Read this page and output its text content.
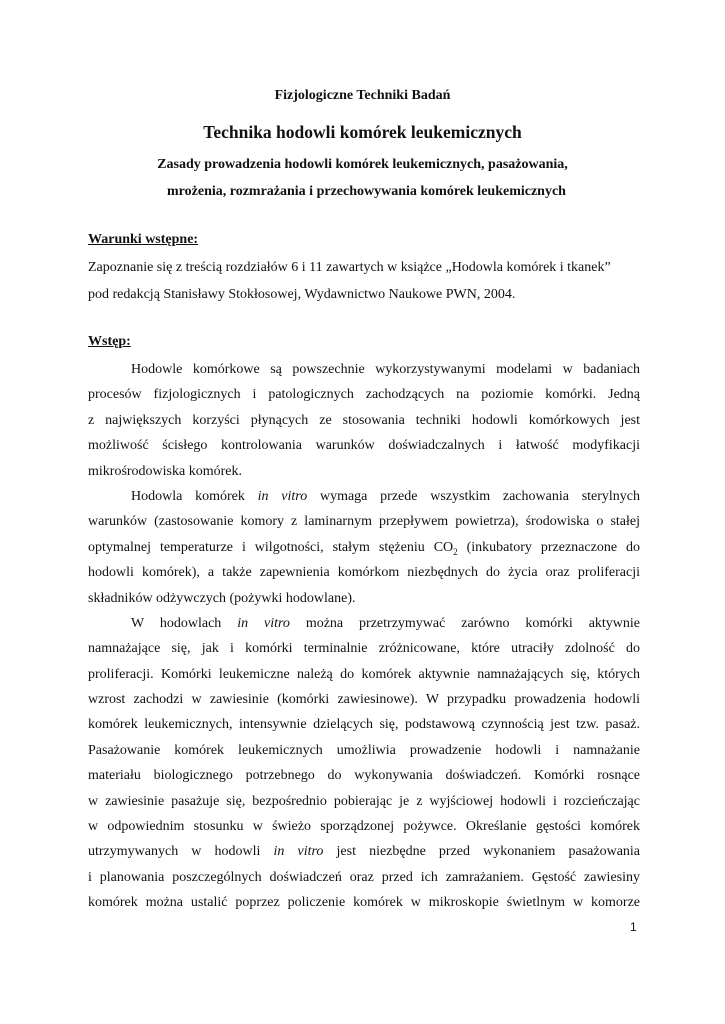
Fizjologiczne Techniki Badań
Technika hodowli komórek leukemicznych
Zasady prowadzenia hodowli komórek leukemicznych, pasażowania,
mrożenia, rozmrażania i przechowywania komórek leukemicznych
Warunki wstępne:
Zapoznanie się z treścią rozdziałów 6 i 11 zawartych w książce „Hodowla komórek i tkanek”
pod redakcją Stanisławy Stokłosowej, Wydawnictwo Naukowe PWN, 2004.
Wstęp:
Hodowle komórkowe są powszechnie wykorzystywanymi modelami w badaniach
procesów fizjologicznych i patologicznych zachodzących na poziomie komórki. Jedną
z największych korzyści płynących ze stosowania techniki hodowli komórkowych jest
możliwość ścisłego kontrolowania warunków doświadczalnych i łatwość modyfikacji
mikrośrodowiska komórek.
Hodowla komórek in vitro wymaga przede wszystkim zachowania sterylnych
warunków (zastosowanie komory z laminarnym przepływem powietrza), środowiska o stałej
optymalnej temperaturze i wilgotności, stałym stężeniu $CO_2$ (inkubatory przeznaczone do
hodowli komórek), a także zapewnienia komórkom niezbędnych do życia oraz proliferacji
składników odżywczych (pożywki hodowlane).
W hodowlach in vitro można przetrzymywać zarówno komórki aktywnie
namnażające się, jak i komórki terminalnie zróżnicowane, które utraciły zdolność do
proliferacji. Komórki leukemiczne należą do komórek aktywnie namnażających się, których
wzrost zachodzi w zawiesinie (komórki zawiesinowe). W przypadku prowadzenia hodowli
komórek leukemicznych, intensywnie dzielących się, podstawową czynnością jest tzw. pasaż.
Pasażowanie komórek leukemicznych umożliwia prowadzenie hodowli i namnażanie
materiału biologicznego potrzebnego do wykonywania doświadczeń. Komórki rosnące
w zawiesinie pasażuje się, bezpośrednio pobierając je z wyjściowej hodowli i rozcieńczając
w odpowiednim stosunku w świeżo sporządzonej pożywce. Określanie gęstości komórek
utrzymywanych w hodowli in vitro jest niezbędne przed wykonaniem pasażowania
i planowania poszczególnych doświadczeń oraz przed ich zamrażaniem. Gęstość zawiesiny
komórek można ustalić poprzez policzenie komórek w mikroskopie świetlnym w komorze
1
